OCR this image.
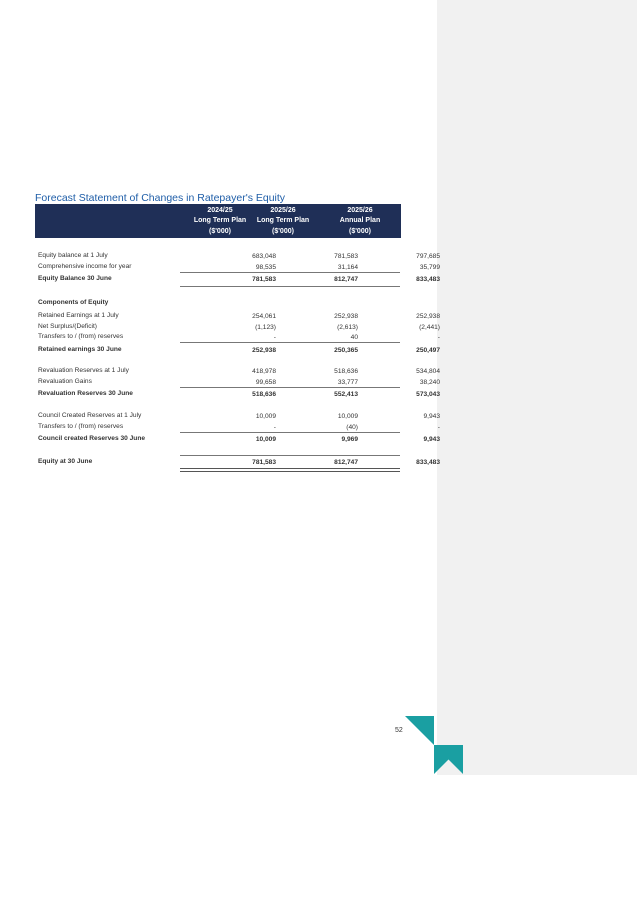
Forecast Statement of Changes in Ratepayer's Equity
2024/25
Long Term Plan
($'000)
2025/26
Long Term Plan
($'000)
2025/26
Annual Plan
($'000)
Equity balance at 1 July	683,048	781,583	797,685
Comprehensive income for year	98,535	31,164	35,799
Equity Balance 30 June	781,583	812,747	833,483
Components of Equity
Retained Earnings at 1 July	254,061	252,938	252,938
Net Surplus/(Deficit)	(1,123)	(2,613)	(2,441)
Transfers to / (from) reserves	-	40	-
Retained earnings 30 June	252,938	250,365	250,497
Revaluation Reserves at 1 July	418,978	518,636	534,804
Revaluation Gains	99,658	33,777	38,240
Revaluation Reserves 30 June	518,636	552,413	573,043
Council Created Reserves at 1 July	10,009	10,009	9,943
Transfers to / (from) reserves	-	(40)	-
Council created Reserves 30 June	10,009	9,969	9,943
Equity at 30 June	781,583	812,747	833,483
52
